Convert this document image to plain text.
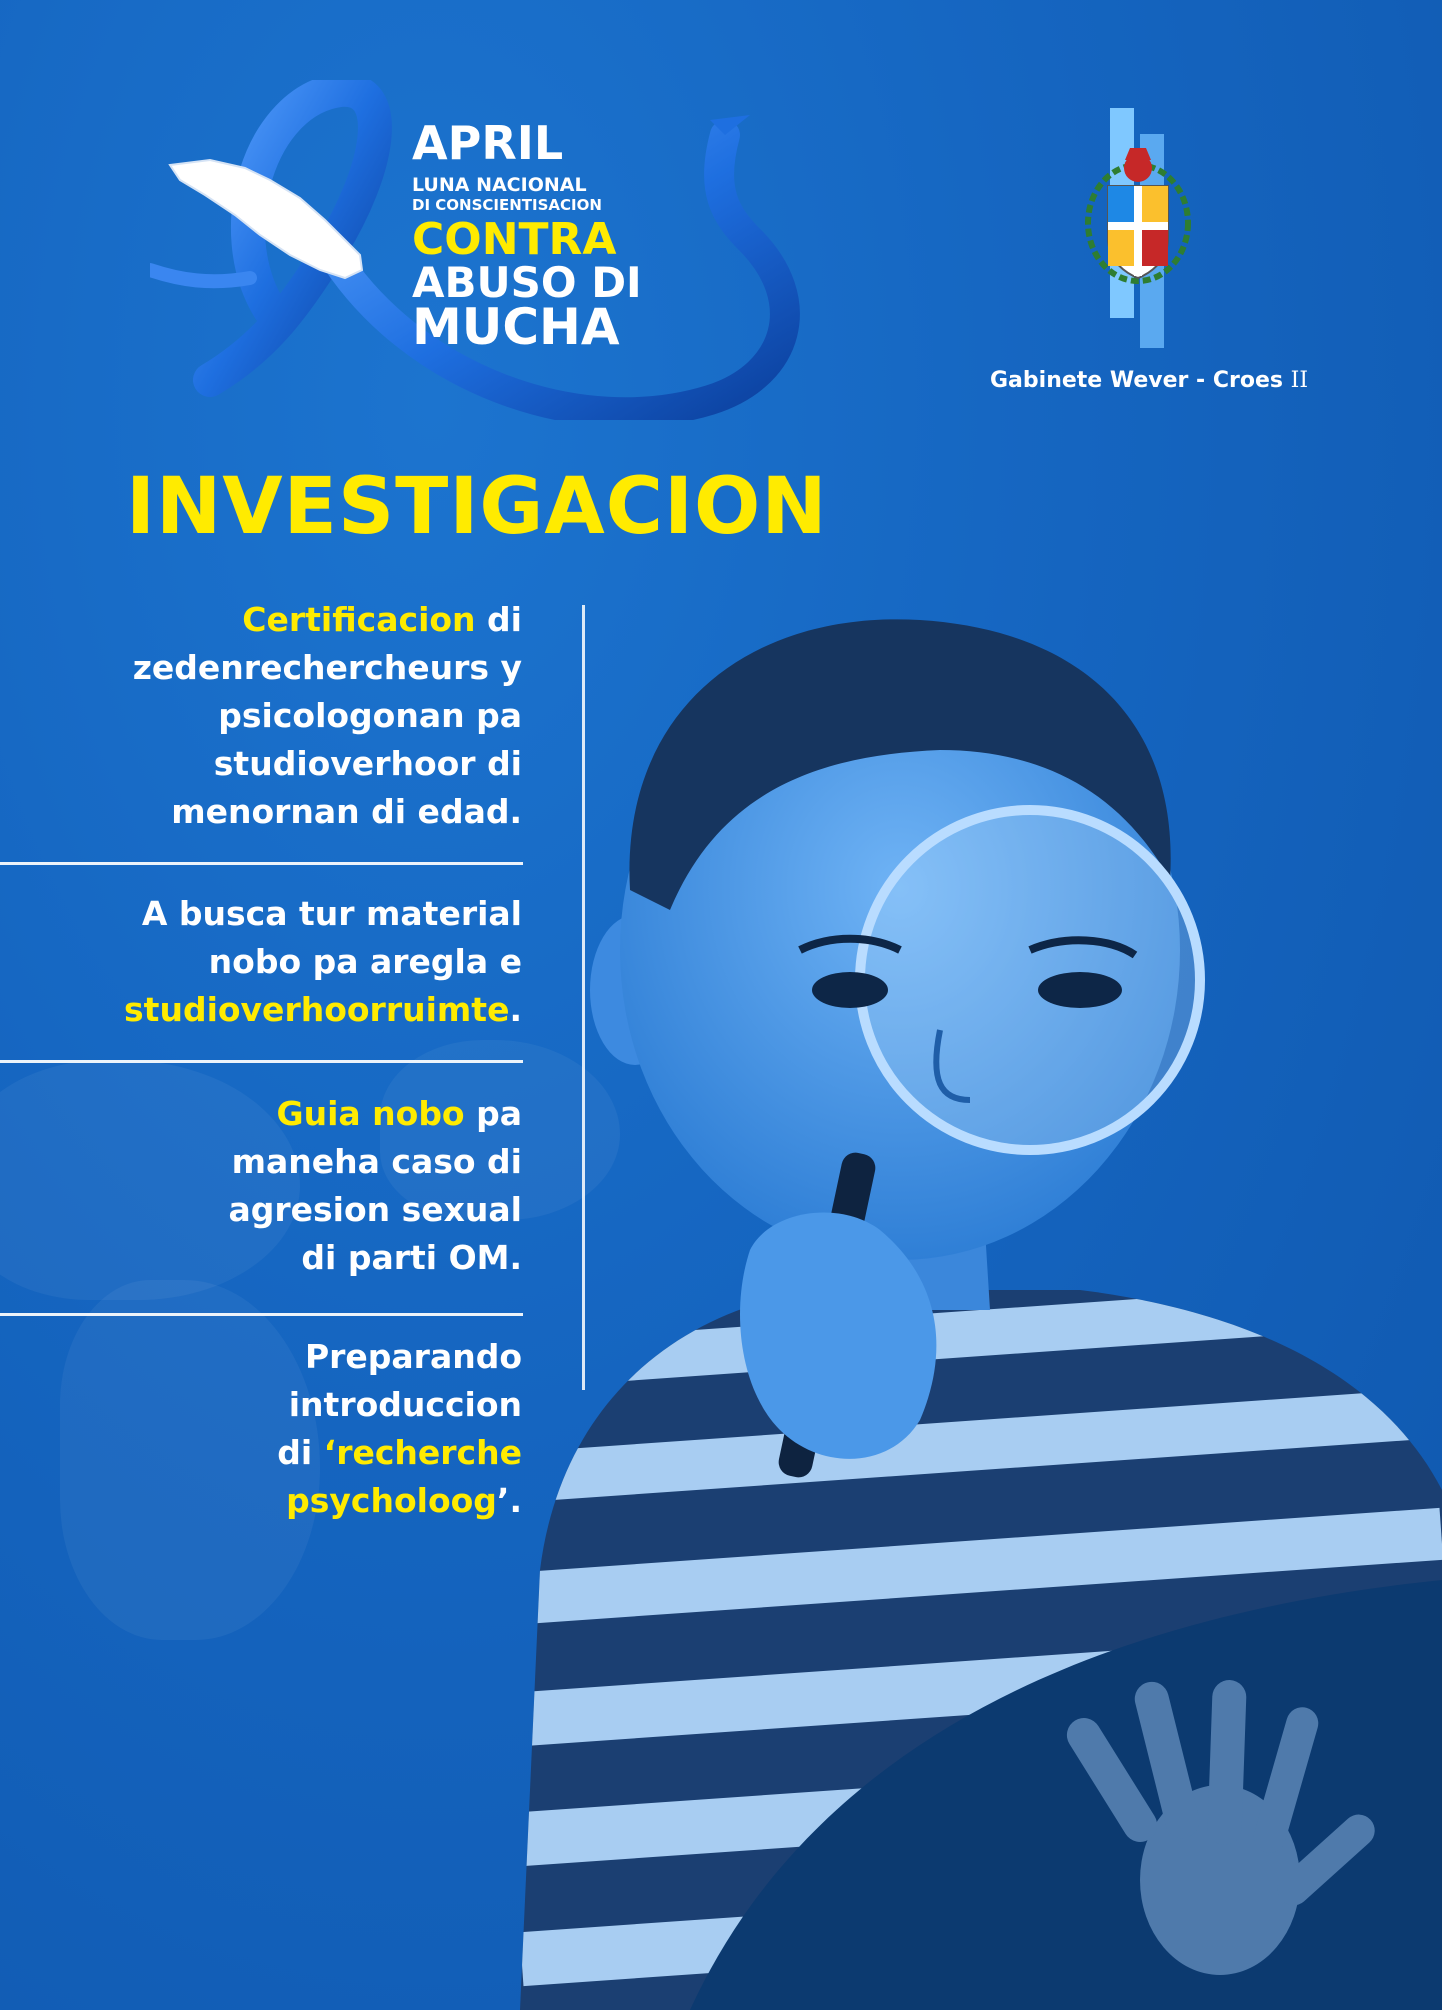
APRIL
LUNA NACIONAL
DI CONSCIENTISACION
CONTRA
ABUSO DI
MUCHA
Gabinete Wever - Croes II
INVESTIGACION

Certificacion di

zedenrechercheurs y

psicologonan pa

studioverhoor di

menornan di edad.

A busca tur material

nobo pa aregla e

studioverhoorruimte.

Guia nobo pa

maneha caso di

agresion sexual

di parti OM.

Preparando

introduccion

di ‘recherche

psycholoog’.
